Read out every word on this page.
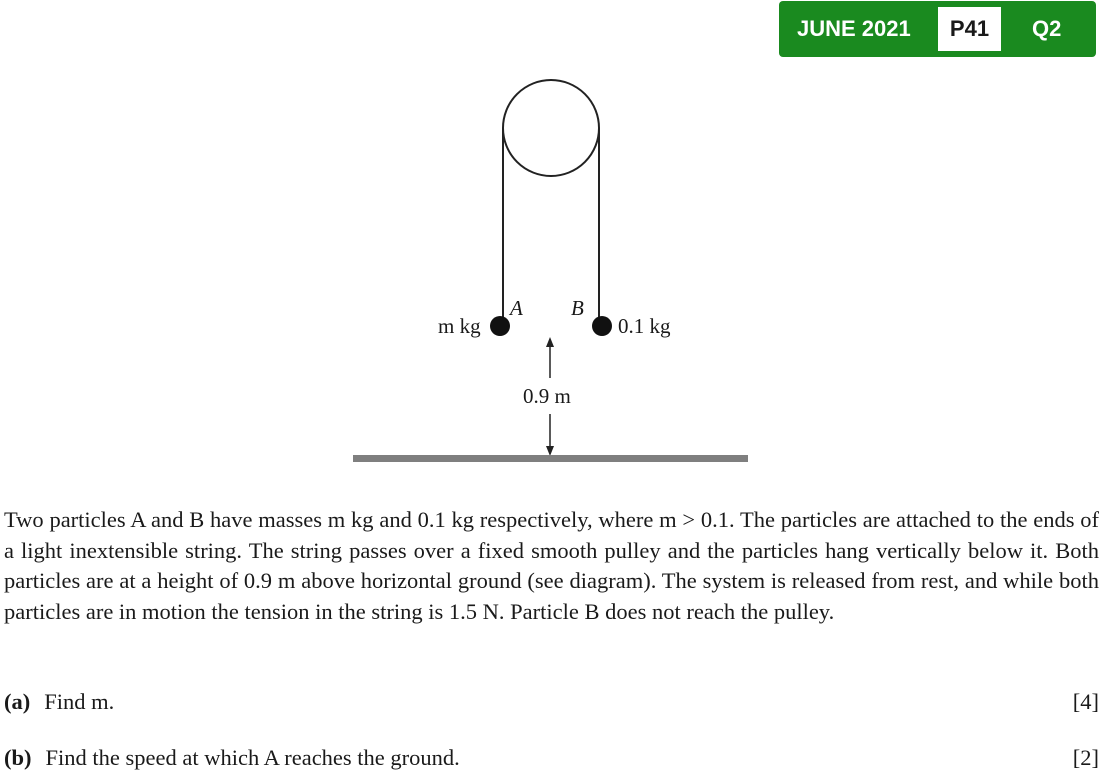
JUNE 2021	P41	Q2
A B
m kg	0.1 kg
0.9 m
Two particles A and B have masses m kg and 0.1 kg respectively, where m > 0.1. The particles are attached to the ends of a light inextensible string. The string passes over a fixed smooth pulley and the particles hang vertically below it. Both particles are at a height of 0.9 m above horizontal ground (see diagram). The system is released from rest, and while both particles are in motion the tension in the string is 1.5 N. Particle B does not reach the pulley.
(a) Find m.	[4]
(b) Find the speed at which A reaches the ground.	[2]
